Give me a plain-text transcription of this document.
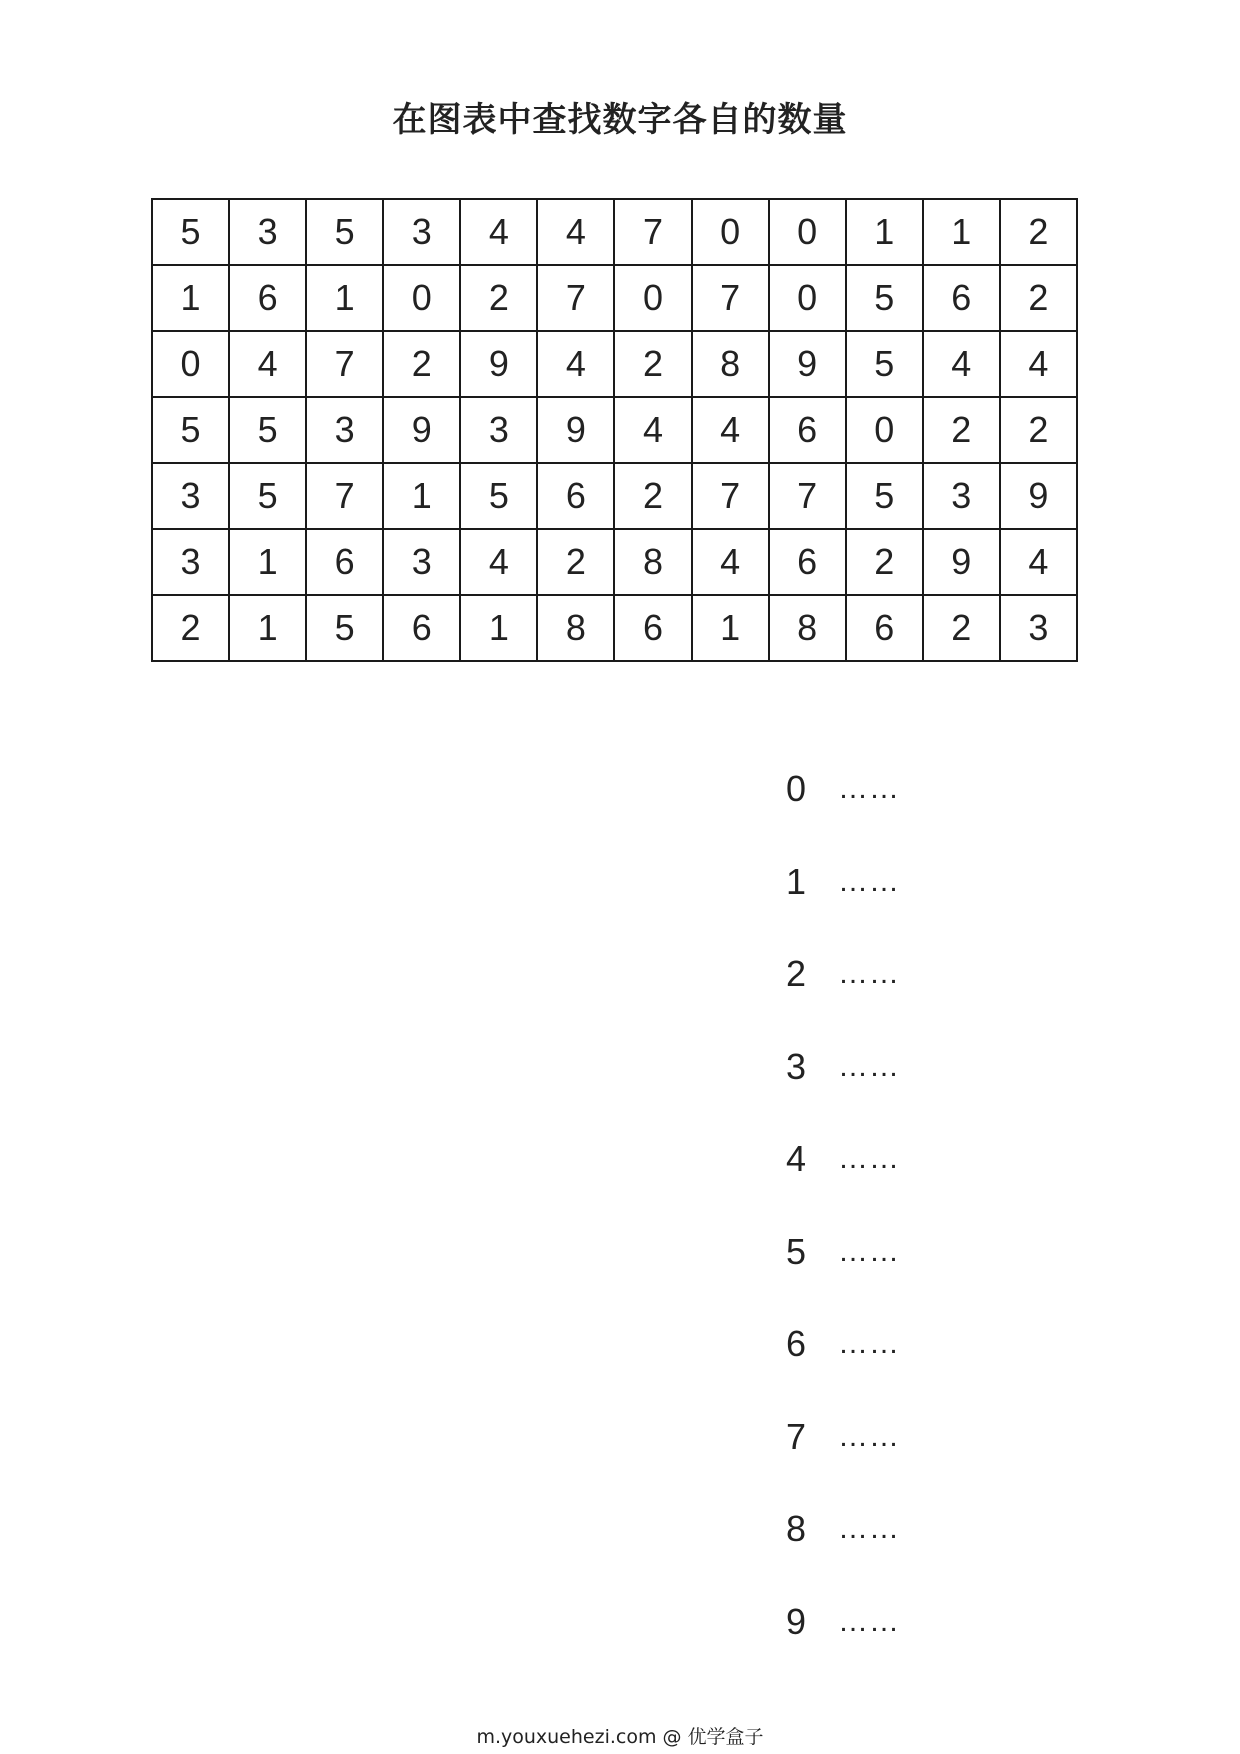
在图表中查找数字各自的数量
5	3	5	3	4	4	7	0	0	1	1	2
1	6	1	0	2	7	0	7	0	5	6	2
0	4	7	2	9	4	2	8	9	5	4	4
5	5	3	9	3	9	4	4	6	0	2	2
3	5	7	1	5	6	2	7	7	5	3	9
3	1	6	3	4	2	8	4	6	2	9	4
2	1	5	6	1	8	6	1	8	6	2	3
0	……
1	……
2	……
3	……
4	……
5	……
6	……
7	……
8	……
9	……
m.youxuehezi.com @ 优学盒子
